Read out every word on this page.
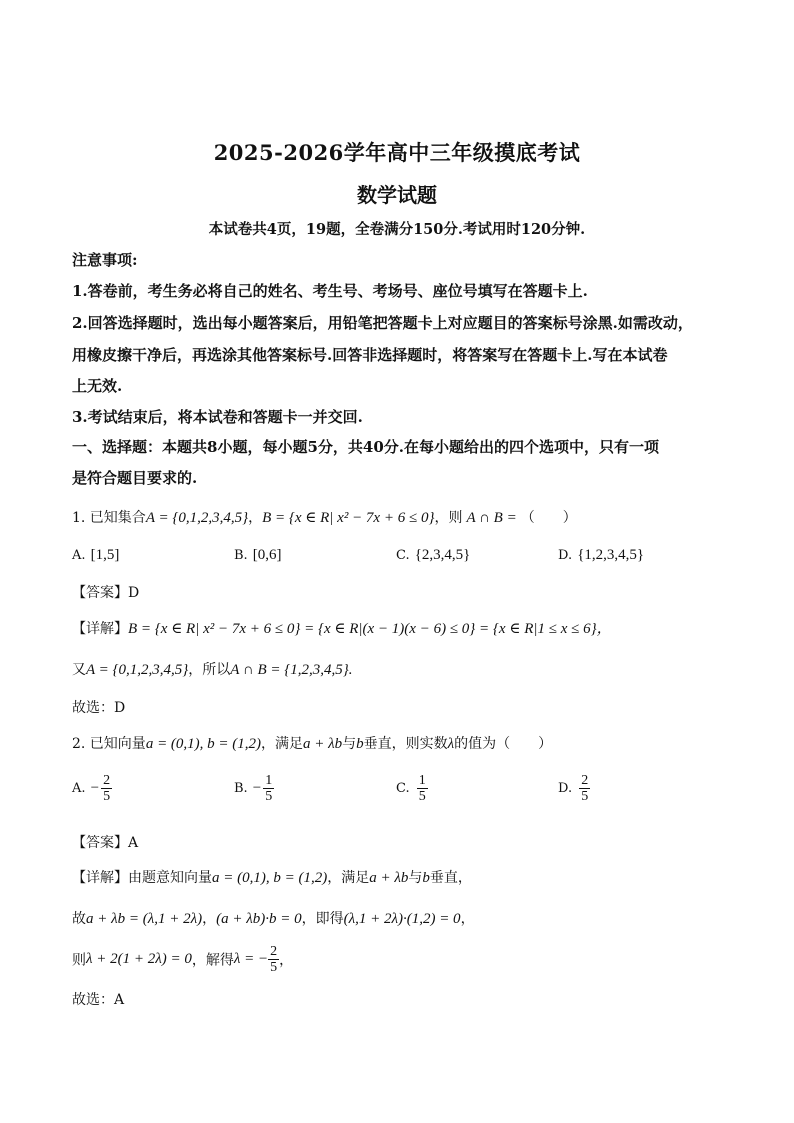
2025-2026学年高中三年级摸底考试
数学试题
本试卷共4页，19题，全卷满分150分.考试用时120分钟.
注意事项:
1.答卷前，考生务必将自己的姓名、考生号、考场号、座位号填写在答题卡上.
2.回答选择题时，选出每小题答案后，用铅笔把答题卡上对应题目的答案标号涂黑.如需改动，
用橡皮擦干净后，再选涂其他答案标号.回答非选择题时，将答案写在答题卡上.写在本试卷
上无效.
3.考试结束后，将本试卷和答题卡一并交回.
一、选择题：本题共8小题，每小题5分，共40分.在每小题给出的四个选项中，只有一项
是符合题目要求的.
1. 已知集合A = {0,1,2,3,4,5}，B = {x ∈ R| x² − 7x + 6 ≤ 0}，则 A ∩ B = （　　）
A. [1,5]	B. [0,6]	C. {2,3,4,5}	D. {1,2,3,4,5}
【答案】D
【详解】B = {x ∈ R| x² − 7x + 6 ≤ 0} = {x ∈ R|(x − 1)(x − 6) ≤ 0} = {x ∈ R|1 ≤ x ≤ 6}，
又A = {0,1,2,3,4,5}，所以A ∩ B = {1,2,3,4,5}.
故选：D
2. 已知向量a = (0,1), b = (1,2)，满足a + λb与b垂直，则实数λ的值为（　　）
A. − $\frac{2}{5}$	B. − $\frac{1}{5}$	C. $\frac{1}{5}$	D. $\frac{2}{5}$
【答案】A
【详解】由题意知向量a = (0,1), b = (1,2)，满足a + λb与b垂直，
故a + λb = (λ,1 + 2λ)，(a + λb)·b = 0，即得(λ,1 + 2λ)·(1,2) = 0，
则λ + 2(1 + 2λ) = 0，解得λ = − $\frac{2}{5}$ ，
故选：A
